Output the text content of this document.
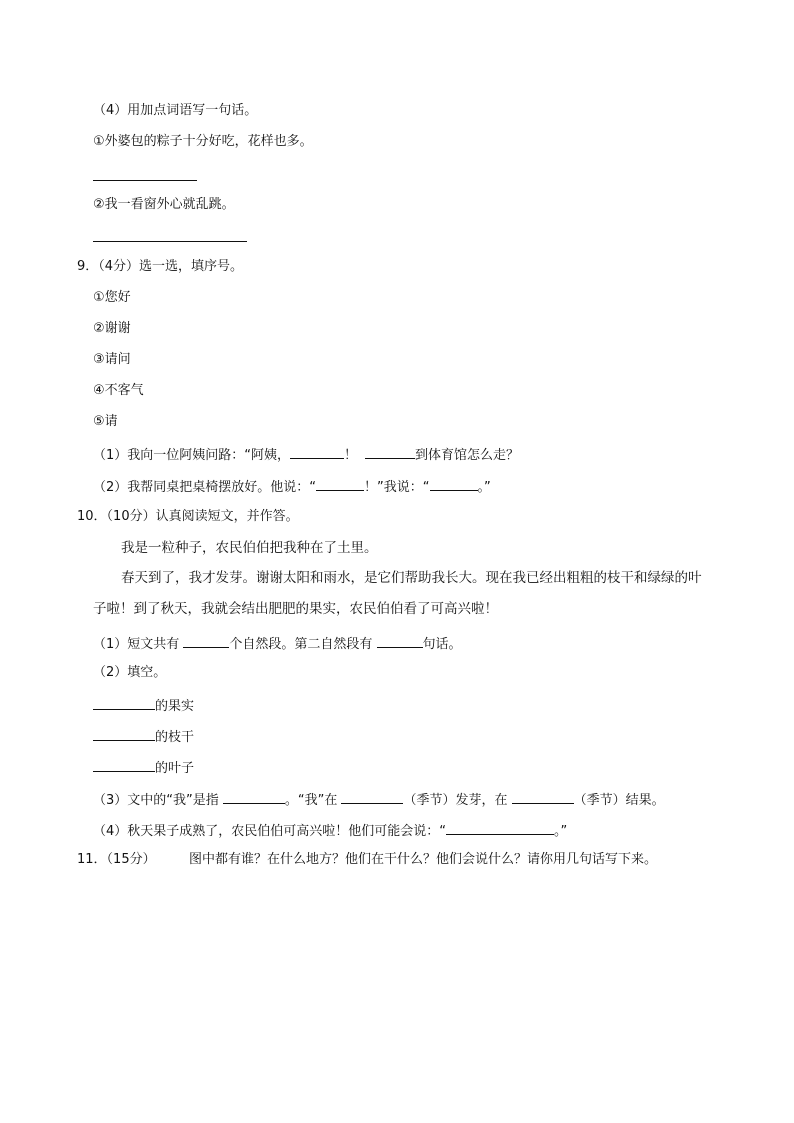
（4）用加点词语写一句话。
①外婆包的粽子十分好吃，花样也多。
②我一看窗外心就乱跳。
9．（4分）选一选，填序号。
①您好
②谢谢
③请问
④不客气
⑤请
（1）我向一位阿姨问路：“阿姨，	！	到体育馆怎么走？
（2）我帮同桌把桌椅摆放好。他说：“	！”我说：“	。”
10．（10分）认真阅读短文，并作答。
我是一粒种子，农民伯伯把我种在了土里。
春天到了，我才发芽。谢谢太阳和雨水，是它们帮助我长大。现在我已经出粗粗的枝干和绿绿的叶
子啦！到了秋天，我就会结出肥肥的果实，农民伯伯看了可高兴啦！
（1）短文共有	个自然段。第二自然段有	句话。
（2）填空。
的果实
的枝干
的叶子
（3）文中的“我”是指	。“我”在	（季节）发芽，在	（季节）结果。
（4）秋天果子成熟了，农民伯伯可高兴啦！他们可能会说：“	。”
11．（15分）	图中都有谁？在什么地方？他们在干什么？他们会说什么？请你用几句话写下来。
